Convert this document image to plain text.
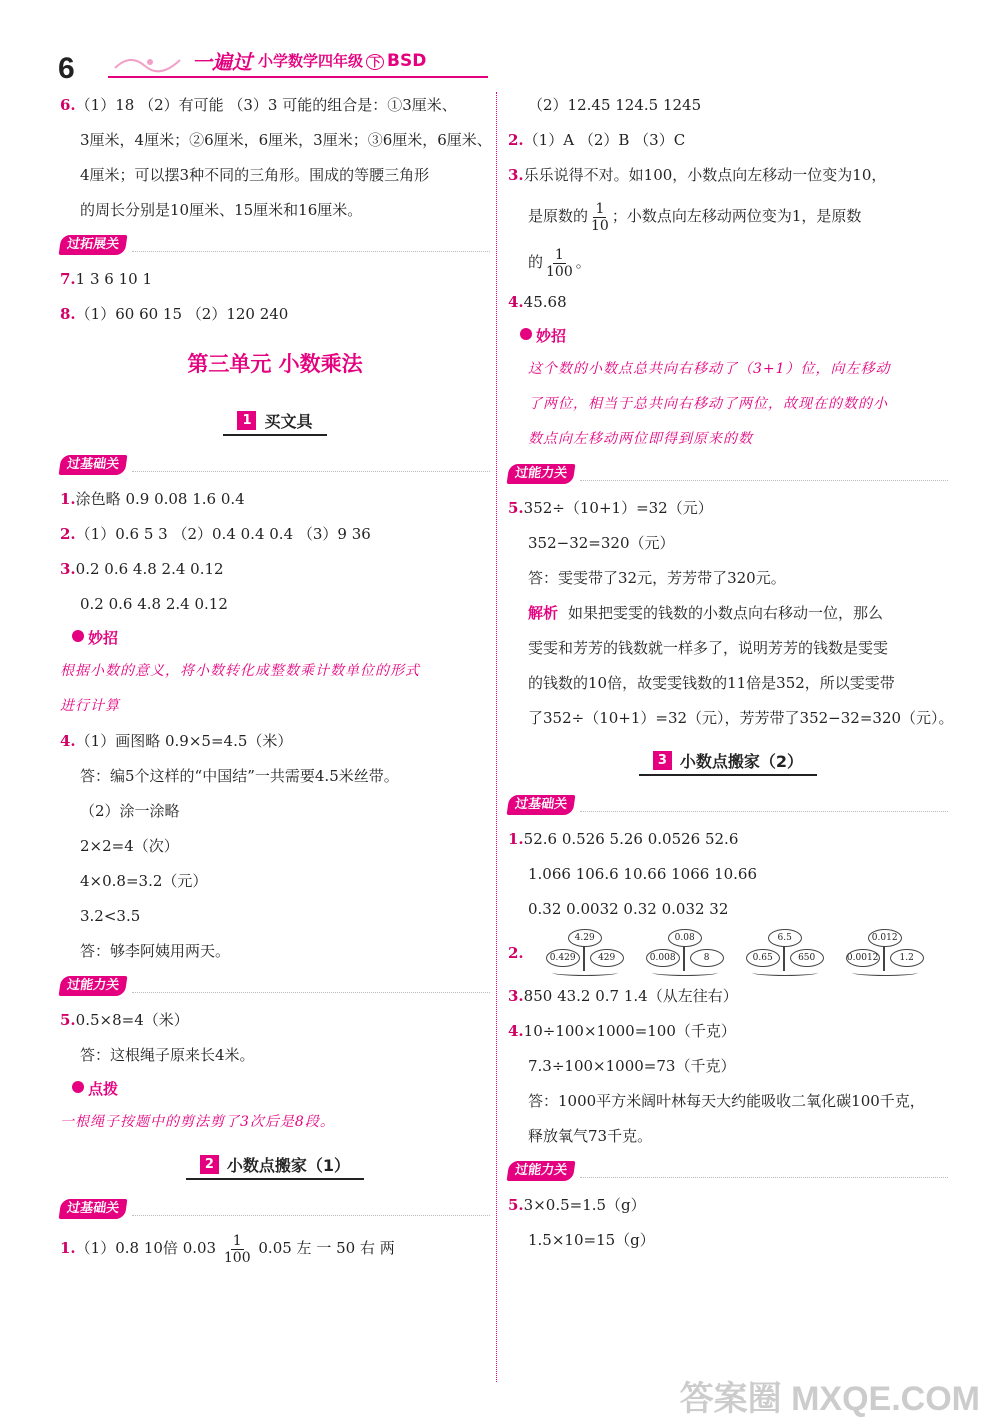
6	一遍过 小学数学四年级 下 BSD
6.（1）18 （2）有可能 （3）3 可能的组合是：①3厘米、
3厘米，4厘米；②6厘米，6厘米，3厘米；③6厘米，6厘米、
4厘米；可以摆3种不同的三角形。围成的等腰三角形
的周长分别是10厘米、15厘米和16厘米。
过拓展关
7.1 3 6 10 1
8.（1）60 60 15 （2）120 240
第三单元 小数乘法
1 买文具
过基础关
1.涂色略 0.9 0.08 1.6 0.4
2.（1）0.6 5 3 （2）0.4 0.4 0.4 （3）9 36
3.0.2 0.6 4.8 2.4 0.12
0.2 0.6 4.8 2.4 0.12
妙招
根据小数的意义，将小数转化成整数乘计数单位的形式
进行计算
4.（1）画图略 0.9×5=4.5（米）
答：编5个这样的“中国结”一共需要4.5米丝带。
（2）涂一涂略
2×2=4（次）
4×0.8=3.2（元）
3.2<3.5
答：够李阿姨用两天。
过能力关
5.0.5×8=4（米）
答：这根绳子原来长4米。
点拨
一根绳子按题中的剪法剪了3次后是8段。
2 小数点搬家（1）
过基础关
1.（1）0.8 10倍 $0.03 \frac{1}{100} 0.05$ 左 一 50 右 两
（2）12.45 124.5 1245
2.（1）A （2）B （3）C
3.乐乐说得不对。如100，小数点向左移动一位变为10，
是原数的 $\frac{1}{10}$ ；小数点向左移动两位变为1，是原数
的 $\frac{1}{100}$ 。
4.45.68
妙招
这个数的小数点总共向右移动了（3+1）位，向左移动
了两位，相当于总共向右移动了两位，故现在的数的小
数点向左移动两位即得到原来的数
过能力关
5.352÷（10+1）=32（元）
352−32=320（元）
答：雯雯带了32元，芳芳带了320元。
解析 如果把雯雯的钱数的小数点向右移动一位，那么
雯雯和芳芳的钱数就一样多了，说明芳芳的钱数是雯雯
的钱数的10倍，故雯雯钱数的11倍是352，所以雯雯带
了352÷（10+1）=32（元），芳芳带了352−32=320（元）。
3 小数点搬家（2）
过基础关
1.52.6 0.526 5.26 0.0526 52.6
1.066 106.6 10.66 1066 10.66
0.32 0.0032 0.32 0.032 32
2.
4.29
0.429	429
0.08
0.008	8
6.5
0.65	650
0.012
0.0012	1.2
3.850 43.2 0.7 1.4（从左往右）
4.10÷100×1000=100（千克）
7.3÷100×1000=73（千克）
答：1000平方米阔叶林每天大约能吸收二氧化碳100千克，
释放氧气73千克。
过能力关
5.3×0.5=1.5（g）
1.5×10=15（g）
答案圈 MXQE.COM
